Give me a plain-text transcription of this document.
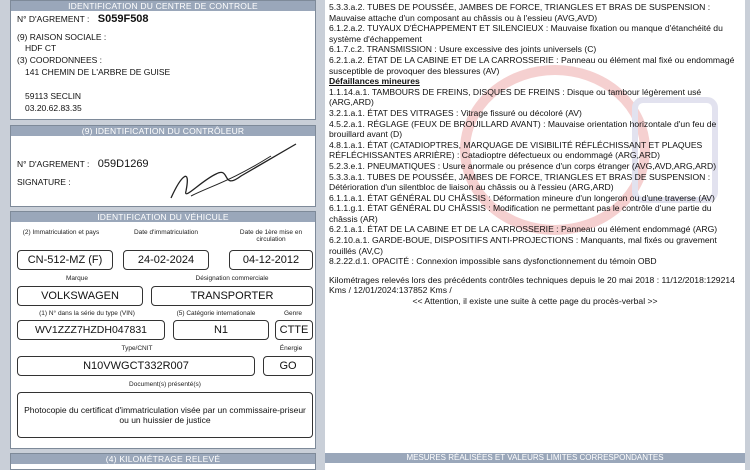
IDENTIFICATION DU CENTRE DE CONTROLE
N° D'AGREMENT : S059F508
(9) RAISON SOCIALE :
HDF CT
(3) COORDONNEES :
141 CHEMIN DE L'ARBRE DE GUISE
59113 SECLIN
03.20.62.83.35
(9) IDENTIFICATION DU CONTRÔLEUR
N° D'AGREMENT : 059D1269
SIGNATURE :
IDENTIFICATION DU VÉHICULE
(2) Immatriculation et pays	Date d'immatriculation	Date de 1ère mise en circulation
CN-512-MZ (F)	24-02-2024	04-12-2012
Marque	Désignation commerciale
VOLKSWAGEN	TRANSPORTER
(1) N° dans la série du type (VIN)	(5) Catégorie internationale	Genre
WV1ZZZ7HZDH047831	N1	CTTE
Type/CNIT	Énergie
N10VWGCT332R007	GO
Document(s) présenté(s)
Photocopie du certificat d'immatriculation visée par un commissaire-priseur ou un huissier de justice
(4) KILOMÉTRAGE RELEVÉ

5.3.3.a.2. TUBES DE POUSSÉE, JAMBES DE FORCE, TRIANGLES ET BRAS DE SUSPENSION : Mauvaise attache d'un composant au châssis ou à l'essieu (AVG,AVD)

6.1.2.a.2. TUYAUX D'ÉCHAPPEMENT ET SILENCIEUX : Mauvaise fixation ou manque d'étanchéité du système d'échappement

6.1.7.c.2. TRANSMISSION : Usure excessive des joints universels (C)

6.2.1.a.2. ÉTAT DE LA CABINE ET DE LA CARROSSERIE : Panneau ou élément mal fixé ou endommagé susceptible de provoquer des blessures (AV)

Défaillances mineures

1.1.14.a.1. TAMBOURS DE FREINS, DISQUES DE FREINS : Disque ou tambour légèrement usé (ARG,ARD)

3.2.1.a.1. ÉTAT DES VITRAGES : Vitrage fissuré ou décoloré (AV)

4.5.2.a.1. RÉGLAGE (FEUX DE BROUILLARD AVANT) : Mauvaise orientation horizontale d'un feu de brouillard avant (D)

4.8.1.a.1. ÉTAT (CATADIOPTRES, MARQUAGE DE VISIBILITÉ RÉFLÉCHISSANT ET PLAQUES RÉFLÉCHISSANTES ARRIÈRE) : Catadioptre défectueux ou endommagé (ARG,ARD)

5.2.3.e.1. PNEUMATIQUES : Usure anormale ou présence d'un corps étranger (AVG,AVD,ARG,ARD)

5.3.3.a.1. TUBES DE POUSSÉE, JAMBES DE FORCE, TRIANGLES ET BRAS DE SUSPENSION : Détérioration d'un silentbloc de liaison au châssis ou à l'essieu (ARG,ARD)

6.1.1.a.1. ÉTAT GÉNÉRAL DU CHÂSSIS : Déformation mineure d'un longeron ou d'une traverse (AV)

6.1.1.g.1. ÉTAT GÉNÉRAL DU CHÂSSIS : Modification ne permettant pas le contrôle d'une partie du châssis (AR)

6.2.1.a.1. ÉTAT DE LA CABINE ET DE LA CARROSSERIE : Panneau ou élément endommagé (ARG)

6.2.10.a.1. GARDE-BOUE, DISPOSITIFS ANTI-PROJECTIONS : Manquants, mal fixés ou gravement rouillés (AV,C)

8.2.22.d.1. OPACITÉ : Connexion impossible sans dysfonctionnement du témoin OBD

Kilométrages relevés lors des précédents contrôles techniques depuis le 20 mai 2018 : 11/12/2018:129214 Kms / 12/01/2024:137852 Kms /

<< Attention, il existe une suite à cette page du procès-verbal >>

MESURES RÉALISÉES ET VALEURS LIMITES CORRESPONDANTES
